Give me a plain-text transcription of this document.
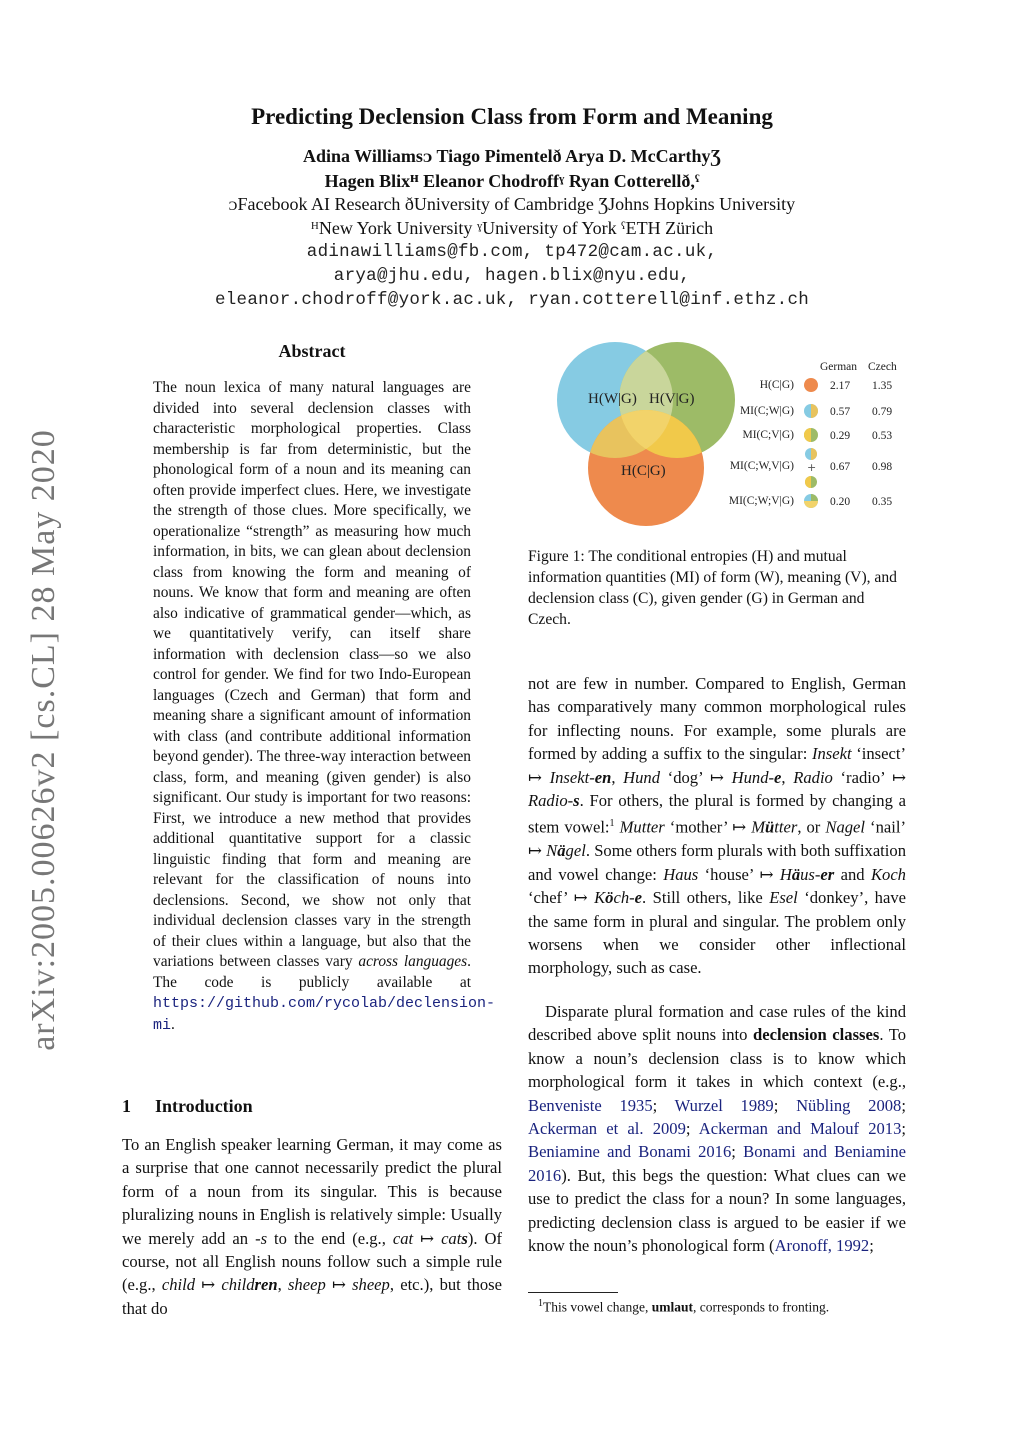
arXiv:2005.00626v2 [cs.CL] 28 May 2020
Predicting Declension Class from Form and Meaning
Adina Williamsᴐ Tiago Pimentelð Arya D. McCarthyƷ
Hagen Blixᴴ Eleanor Chodroffˠ Ryan Cotterellð,ˤ
ᴐFacebook AI Research ðUniversity of Cambridge ƷJohns Hopkins University
ᴴNew York University ˠUniversity of York ˤETH Zürich
adinawilliams@fb.com, tp472@cam.ac.uk,
arya@jhu.edu, hagen.blix@nyu.edu,
eleanor.chodroff@york.ac.uk, ryan.cotterell@inf.ethz.ch
Abstract
The noun lexica of many natural languages are divided into several declension classes with characteristic morphological properties. Class membership is far from deterministic, but the phonological form of a noun and its meaning can often provide imperfect clues. Here, we investigate the strength of those clues. More specifically, we operationalize “strength” as measuring how much information, in bits, we can glean about declension class from knowing the form and meaning of nouns. We know that form and meaning are often also indicative of grammatical gender—which, as we quantitatively verify, can itself share information with declension class—so we also control for gender. We find for two Indo-European languages (Czech and German) that form and meaning share a significant amount of information with class (and contribute additional information beyond gender). The three-way interaction between class, form, and meaning (given gender) is also significant. Our study is important for two reasons: First, we introduce a new method that provides additional quantitative support for a classic linguistic finding that form and meaning are relevant for the classification of nouns into declensions. Second, we show not only that individual declension classes vary in the strength of their clues within a language, but also that the variations between classes vary across languages. The code is publicly available at https://github.com/rycolab/declension-mi.
1 Introduction
To an English speaker learning German, it may come as a surprise that one cannot necessarily predict the plural form of a noun from its singular. This is because pluralizing nouns in English is relatively simple: Usually we merely add an -s to the end (e.g., cat ↦ cats). Of course, not all English nouns follow such a simple rule (e.g., child ↦ children, sheep ↦ sheep, etc.), but those that do
H(W|G) H(V|G)
H(C|G)
German Czech
H(C|G)	2.17 1.35
MI(C;W|G)	0.57 0.79
MI(C;V|G)	0.29 0.53
MI(C;W,V|G) + 0.67 0.98
MI(C;W;V|G)	0.20 0.35
Figure 1: The conditional entropies (H) and mutual information quantities (MI) of form (W), meaning (V), and declension class (C), given gender (G) in German and Czech.
not are few in number. Compared to English, German has comparatively many common morphological rules for inflecting nouns. For example, some plurals are formed by adding a suffix to the singular: Insekt ‘insect’ ↦ Insekt-en, Hund ‘dog’ ↦ Hund-e, Radio ‘radio’ ↦ Radio-s. For others, the plural is formed by changing a stem vowel:$^1$ Mutter ‘mother’ ↦ Mütter, or Nagel ‘nail’ ↦ Nägel. Some others form plurals with both suffixation and vowel change: Haus ‘house’ ↦ Häus-er and Koch ‘chef’ ↦ Köch-e. Still others, like Esel ‘donkey’, have the same form in plural and singular. The problem only worsens when we consider other inflectional morphology, such as case.
Disparate plural formation and case rules of the kind described above split nouns into declension classes. To know a noun’s declension class is to know which morphological form it takes in which context (e.g., Benveniste 1935; Wurzel 1989; Nübling 2008; Ackerman et al. 2009; Ackerman and Malouf 2013; Beniamine and Bonami 2016; Bonami and Beniamine 2016). But, this begs the question: What clues can we use to predict the class for a noun? In some languages, predicting declension class is argued to be easier if we know the noun’s phonological form (Aronoff, 1992;
$^1$This vowel change, umlaut, corresponds to fronting.
